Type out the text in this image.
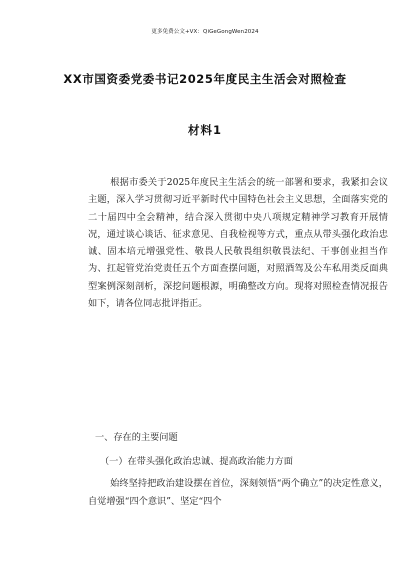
更多免费公文+VX：QiGeGongWen2024
XX市国资委党委书记2025年度民主生活会对照检查
材料1
根据市委关于2025年度民主生活会的统一部署和要求，我紧扣会议主题，深入学习贯彻习近平新时代中国特色社会主义思想，全面落实党的二十届四中全会精神，结合深入贯彻中央八项规定精神学习教育开展情况，通过谈心谈话、征求意见、自我检视等方式，重点从带头强化政治忠诚、固本培元增强党性、敬畏人民敬畏组织敬畏法纪、干事创业担当作为、扛起管党治党责任五个方面查摆问题，对照酒驾及公车私用类反面典型案例深刻剖析，深挖问题根源，明确整改方向。现将对照检查情况报告如下，请各位同志批评指正。
一、存在的主要问题
（一）在带头强化政治忠诚、提高政治能力方面
始终坚持把政治建设摆在首位，深刻领悟“两个确立”的决定性意义，自觉增强“四个意识”、坚定“四个
